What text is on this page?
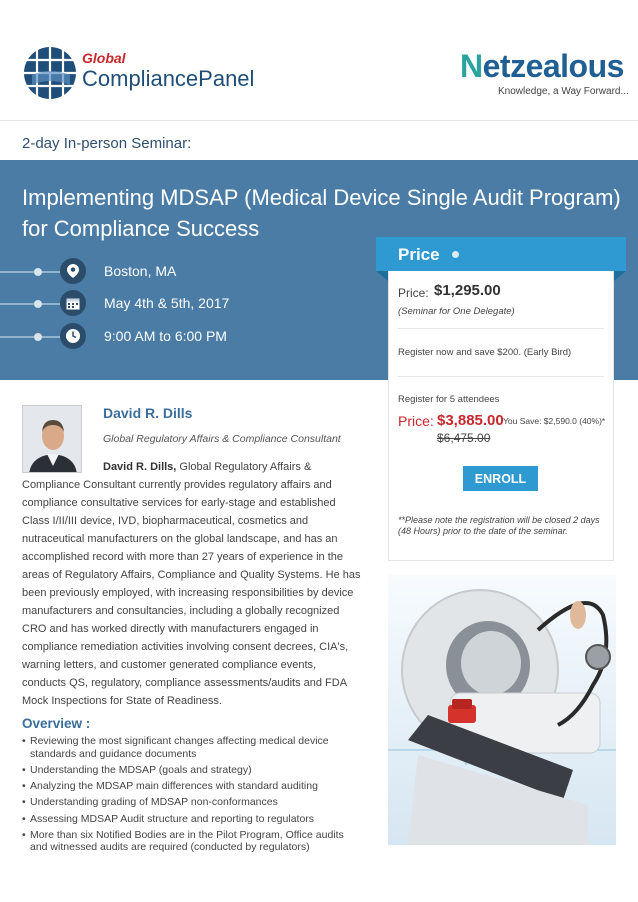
Global
CompliancePanel	Netzealous
Knowledge, a Way Forward...
2-day In-person Seminar:
Implementing MDSAP (Medical Device Single Audit Program) for Compliance Success
Boston, MA
May 4th & 5th, 2017
9:00 AM to 6:00 PM
Price
Price: $1,295.00
(Seminar for One Delegate)
Register now and save $200. (Early Bird)
Register for 5 attendees
Price: $3,885.00 You Save: $2,590.0 (40%)*
$6,475.00
ENROLL
**Please note the registration will be closed 2 days (48 Hours) prior to the date of the seminar.
David R. Dills
Global Regulatory Affairs & Compliance Consultant
David R. Dills, Global Regulatory Affairs & Compliance Consultant currently provides regulatory affairs and compliance consultative services for early-stage and established Class I/II/III device, IVD, biopharmaceutical, cosmetics and nutraceutical manufacturers on the global landscape, and has an accomplished record with more than 27 years of experience in the areas of Regulatory Affairs, Compliance and Quality Systems. He has been previously employed, with increasing responsibilities by device manufacturers and consultancies, including a globally recognized CRO and has worked directly with manufacturers engaged in compliance remediation activities involving consent decrees, CIA's, warning letters, and customer generated compliance events, conducts QS, regulatory, compliance assessments/audits and FDA Mock Inspections for State of Readiness.
Overview :
• Reviewing the most significant changes affecting medical device standards and guidance documents
• Understanding the MDSAP (goals and strategy)
• Analyzing the MDSAP main differences with standard auditing
• Understanding grading of MDSAP non-conformances
• Assessing MDSAP Audit structure and reporting to regulators
• More than six Notified Bodies are in the Pilot Program, Office audits and witnessed audits are required (conducted by regulators)
